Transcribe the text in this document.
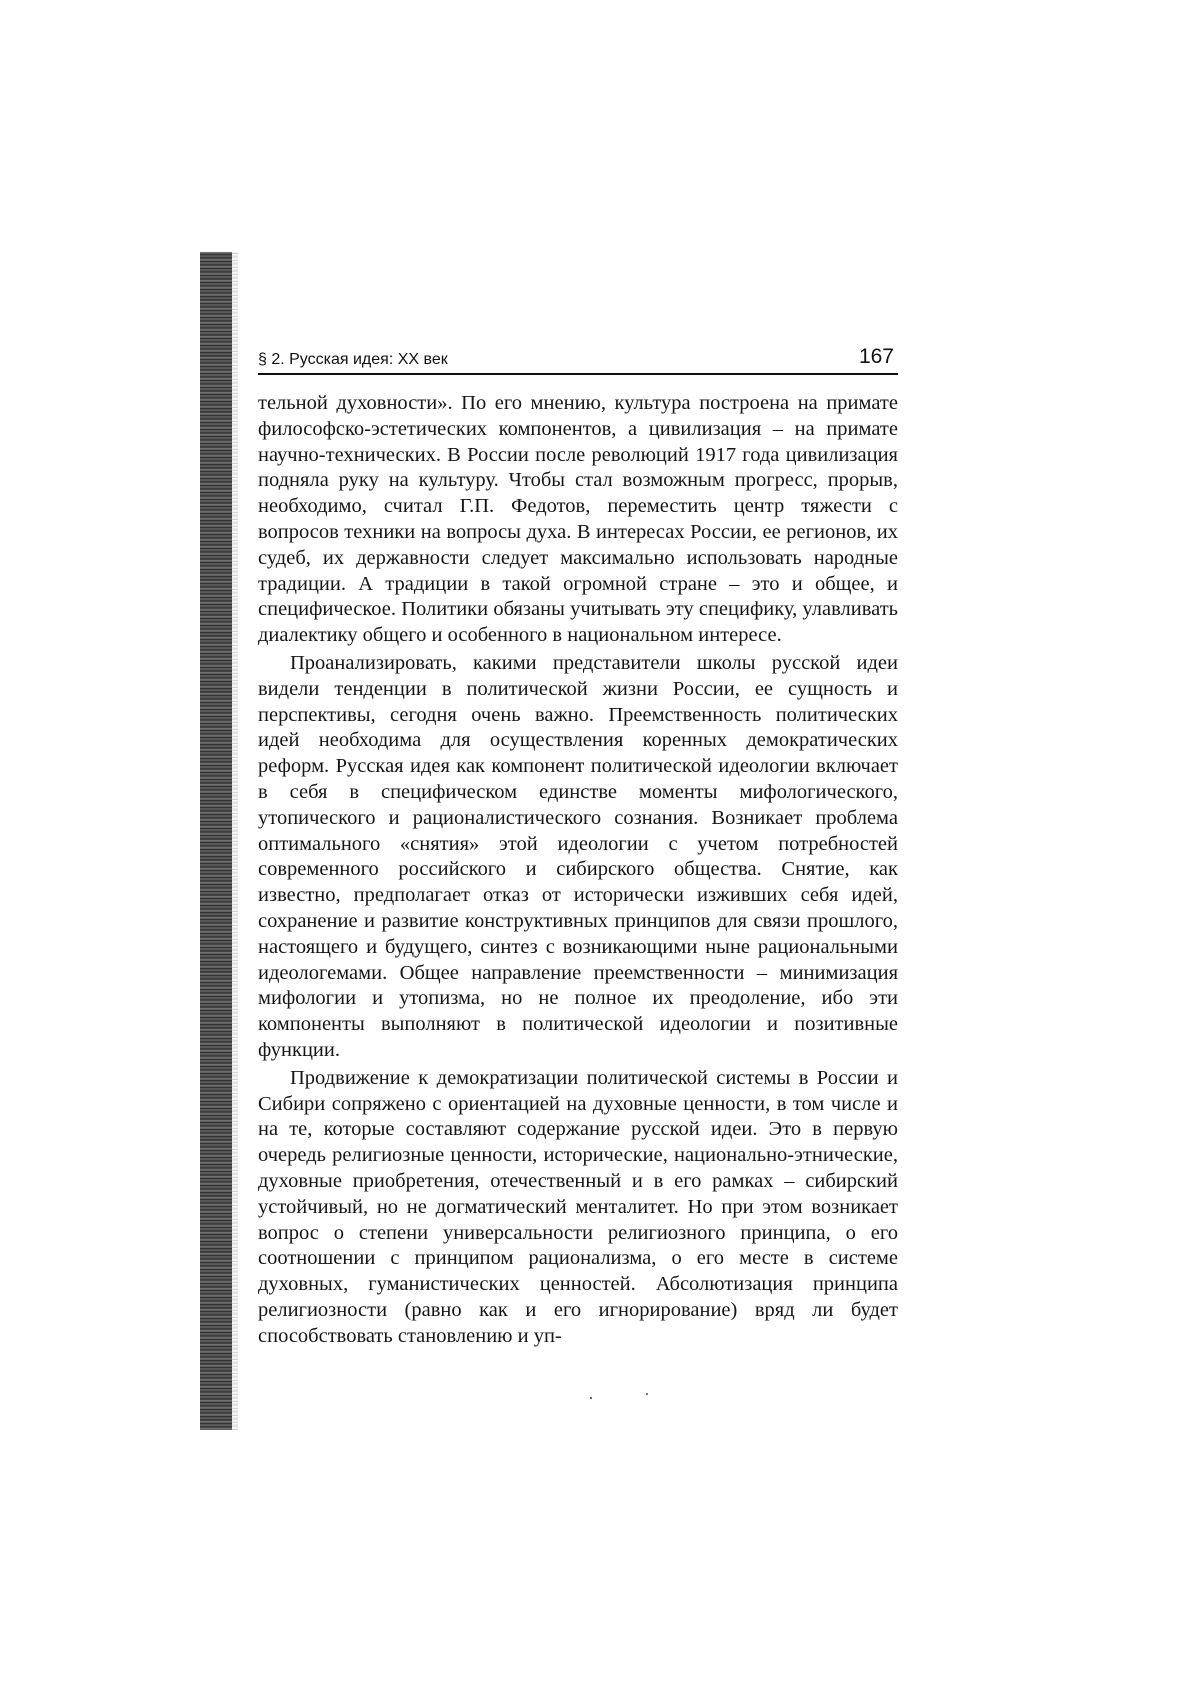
§ 2. Русская идея: XX век	167

тельной духовности». По его мнению, культура построена на примате философско-эстетических компонентов, а цивилизация – на примате научно-технических. В России после революций 1917 года цивилизация подняла руку на культуру. Чтобы стал возможным прогресс, прорыв, необходимо, считал Г.П. Федотов, переместить центр тяжести с вопросов техники на вопросы духа. В интересах России, ее регионов, их судеб, их державности следует максимально использовать народные традиции. А традиции в такой огромной стране – это и общее, и специфическое. Политики обязаны учитывать эту специфику, улавливать диалектику общего и особенного в национальном интересе.

Проанализировать, какими представители школы русской идеи видели тенденции в политической жизни России, ее сущность и перспективы, сегодня очень важно. Преемственность политических идей необходима для осуществления коренных демократических реформ. Русская идея как компонент политической идеологии включает в себя в специфическом единстве моменты мифологического, утопического и рационалистического сознания. Возникает проблема оптимального «снятия» этой идеологии с учетом потребностей современного российского и сибирского общества. Снятие, как известно, предполагает отказ от исторически изживших себя идей, сохранение и развитие конструктивных принципов для связи прошлого, настоящего и будущего, синтез с возникающими ныне рациональными идеологемами. Общее направление преемственности – минимизация мифологии и утопизма, но не полное их преодоление, ибо эти компоненты выполняют в политической идеологии и позитивные функции.

Продвижение к демократизации политической системы в России и Сибири сопряжено с ориентацией на духовные ценности, в том числе и на те, которые составляют содержание русской идеи. Это в первую очередь религиозные ценности, исторические, национально-этнические, духовные приобретения, отечественный и в его рамках – сибирский устойчивый, но не догматический менталитет. Но при этом возникает вопрос о степени универсальности религиозного принципа, о его соотношении с принципом рационализма, о его месте в системе духовных, гуманистических ценностей. Абсолютизация принципа религиозности (равно как и его игнорирование) вряд ли будет способствовать становлению и уп-
